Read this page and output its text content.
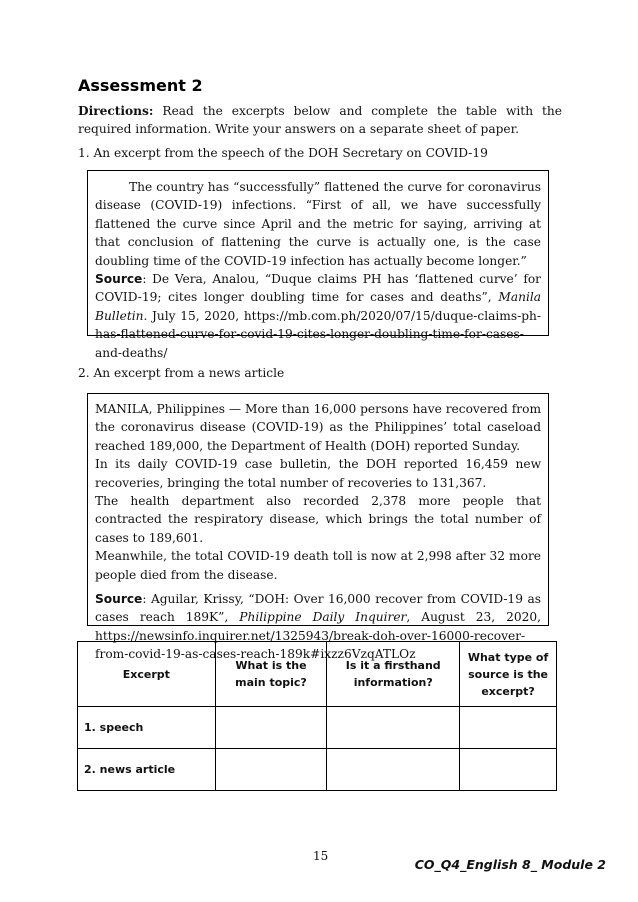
Assessment 2

Directions: Read the excerpts below and complete the table with the required information. Write your answers on a separate sheet of paper.

1. An excerpt from the speech of the DOH Secretary on COVID-19

The country has “successfully” flattened the curve for coronavirus disease (COVID-19) infections. “First of all, we have successfully flattened the curve since April and the metric for saying, arriving at that conclusion of flattening the curve is actually one, is the case doubling time of the COVID-19 infection has actually become longer.”

Source: De Vera, Analou, “Duque claims PH has ‘flattened curve’ for COVID-19; cites longer doubling time for cases and deaths”, Manila Bulletin. July 15, 2020, https://mb.com.ph/2020/07/15/duque-claims-ph-has-flattened-curve-for-covid-19-cites-longer-doubling-time-for-cases-and-deaths/

2. An excerpt from a news article

MANILA, Philippines — More than 16,000 persons have recovered from the coronavirus disease (COVID-19) as the Philippines’ total caseload reached 189,000, the Department of Health (DOH) reported Sunday.

In its daily COVID-19 case bulletin, the DOH reported 16,459 new recoveries, bringing the total number of recoveries to 131,367.

The health department also recorded 2,378 more people that contracted the respiratory disease, which brings the total number of cases to 189,601.

Meanwhile, the total COVID-19 death toll is now at 2,998 after 32 more people died from the disease.

Source: Aguilar, Krissy, “DOH: Over 16,000 recover from COVID-19 as cases reach 189K”, Philippine Daily Inquirer, August 23, 2020, https://newsinfo.inquirer.net/1325943/break-doh-over-16000-recover-from-covid-19-as-cases-reach-189k#ixzz6VzqATLOz

Excerpt	What is the main topic?	Is it a firsthand information?	What type of source is the excerpt?
1. speech			
2. news article			
15
CO_Q4_English 8_ Module 2
